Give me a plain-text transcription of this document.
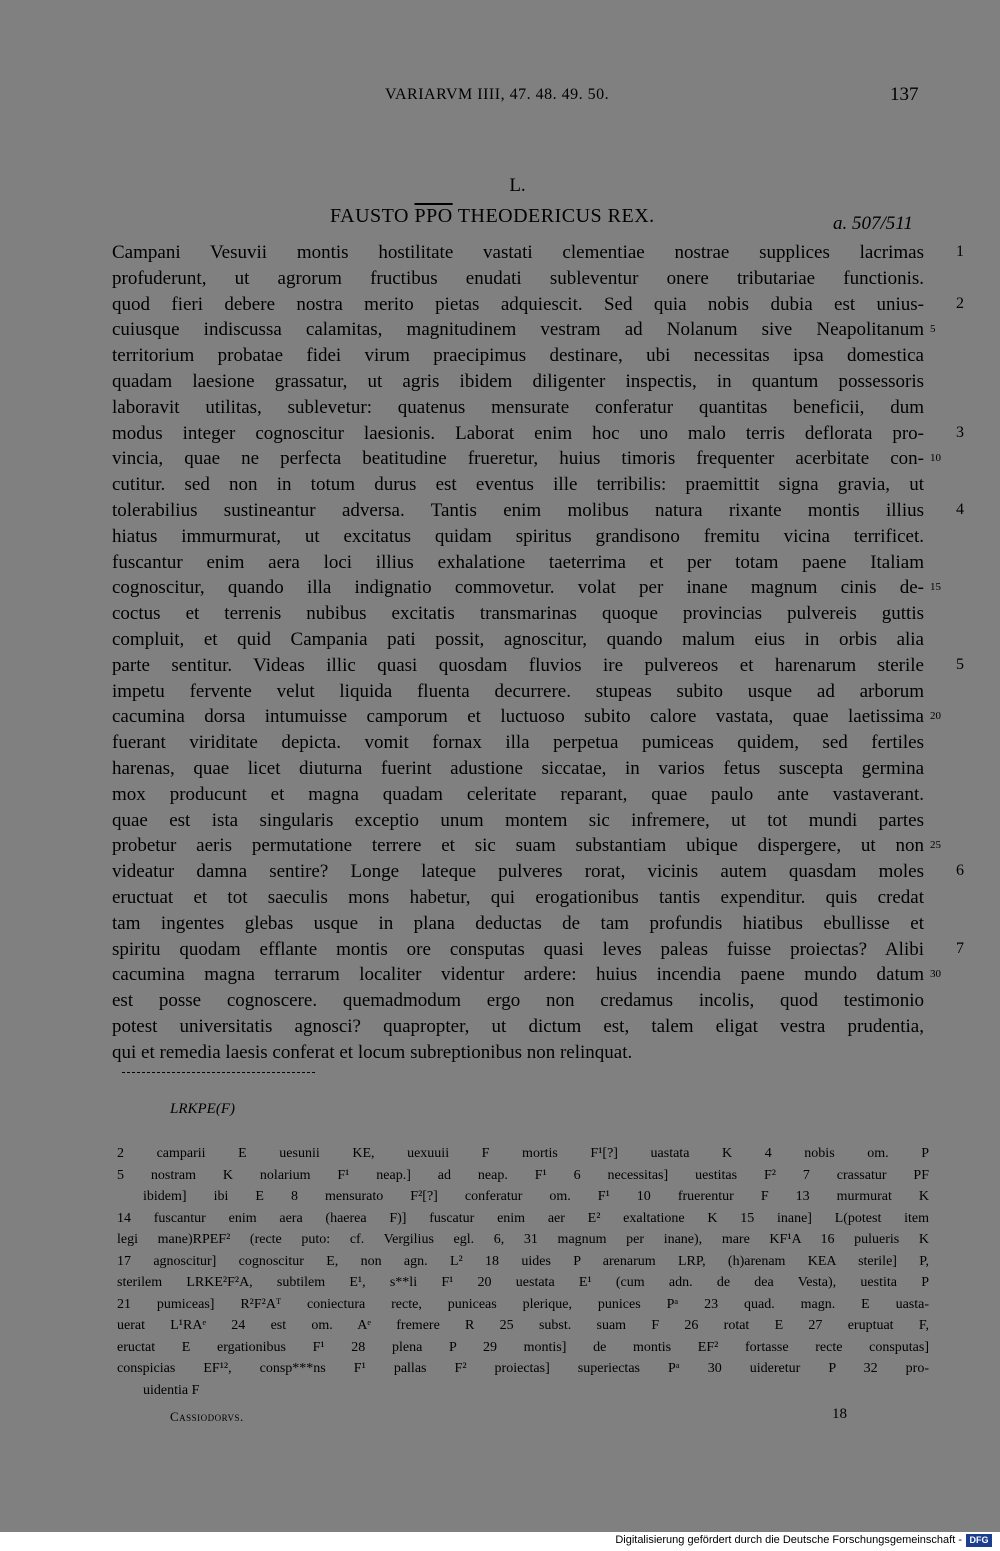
VARIARVM IIII, 47. 48. 49. 50.	137
L.
FAUSTO $\overline{PPO}$ THEODERICUS REX.	a. 507/511
Campani Vesuvii montis hostilitate vastati clementiae nostrae supplices lacrimas
profuderunt, ut agrorum fructibus enudati subleventur onere tributariae functionis.
quod fieri debere nostra merito pietas adquiescit. Sed quia nobis dubia est unius-
cuiusque indiscussa calamitas, magnitudinem vestram ad Nolanum sive Neapolitanum
territorium probatae fidei virum praecipimus destinare, ubi necessitas ipsa domestica
quadam laesione grassatur, ut agris ibidem diligenter inspectis, in quantum possessoris
laboravit utilitas, sublevetur: quatenus mensurate conferatur quantitas beneficii, dum
modus integer cognoscitur laesionis. Laborat enim hoc uno malo terris deflorata pro-
vincia, quae ne perfecta beatitudine frueretur, huius timoris frequenter acerbitate con-
cutitur. sed non in totum durus est eventus ille terribilis: praemittit signa gravia, ut
tolerabilius sustineantur adversa. Tantis enim molibus natura rixante montis illius
hiatus immurmurat, ut excitatus quidam spiritus grandisono fremitu vicina terrificet.
fuscantur enim aera loci illius exhalatione taeterrima et per totam paene Italiam
cognoscitur, quando illa indignatio commovetur. volat per inane magnum cinis de-
coctus et terrenis nubibus excitatis transmarinas quoque provincias pulvereis guttis
compluit, et quid Campania pati possit, agnoscitur, quando malum eius in orbis alia
parte sentitur. Videas illic quasi quosdam fluvios ire pulvereos et harenarum sterile
impetu fervente velut liquida fluenta decurrere. stupeas subito usque ad arborum
cacumina dorsa intumuisse camporum et luctuoso subito calore vastata, quae laetissima
fuerant viriditate depicta. vomit fornax illa perpetua pumiceas quidem, sed fertiles
harenas, quae licet diuturna fuerint adustione siccatae, in varios fetus suscepta germina
mox producunt et magna quadam celeritate reparant, quae paulo ante vastaverant.
quae est ista singularis exceptio unum montem sic infremere, ut tot mundi partes
probetur aeris permutatione terrere et sic suam substantiam ubique dispergere, ut non
videatur damna sentire? Longe lateque pulveres rorat, vicinis autem quasdam moles
eructuat et tot saeculis mons habetur, qui erogationibus tantis expenditur. quis credat
tam ingentes glebas usque in plana deductas de tam profundis hiatibus ebullisse et
spiritu quodam efflante montis ore consputas quasi leves paleas fuisse proiectas? Alibi
cacumina magna terrarum localiter videntur ardere: huius incendia paene mundo datum
est posse cognoscere. quemadmodum ergo non credamus incolis, quod testimonio
potest universitatis agnosci? quapropter, ut dictum est, talem eligat vestra prudentia,
qui et remedia laesis conferat et locum subreptionibus non relinquat.
1
2
3
4
5
6
7
5
10
15
20
25
30
LRKPE(F)
2 camparii E uesunii KE, uexuuii F mortis F¹[?] uastata K 4 nobis om. P
5 nostram K nolarium F¹ neap.] ad neap. F¹ 6 necessitas] uestitas F² 7 crassatur PF
ibidem] ibi E 8 mensurato F²[?] conferatur om. F¹ 10 fruerentur F 13 murmurat K
14 fuscantur enim aera (haerea F)] fuscatur enim aer E² exaltatione K 15 inane] L(potest item
legi mane)RPEF² (recte puto: cf. Vergilius egl. 6, 31 magnum per inane), mare KF¹A 16 pulueris K
17 agnoscitur] cognoscitur E, non agn. L² 18 uides P arenarum LRP, (h)arenam KEA sterile] P,
sterilem LRKE²F²A, subtilem E¹, s**li F¹ 20 uestata E¹ (cum adn. de dea Vesta), uestita P
21 pumiceas] R²F²Aᵀ coniectura recte, puniceas plerique, punices Pᵃ 23 quad. magn. E uasta-
uerat L¹RAᵉ 24 est om. Aᵉ fremere R 25 subst. suam F 26 rotat E 27 eruptuat F,
eructat E ergationibus F¹ 28 plena P 29 montis] de montis EF² fortasse recte consputas]
conspicias EF¹², consp***ns F¹ pallas F² proiectas] superiectas Pᵃ 30 uideretur P 32 pro-
uidentia F
Cassiodorvs.	18
Digitalisierung gefördert durch die Deutsche Forschungsgemeinschaft - DFG
